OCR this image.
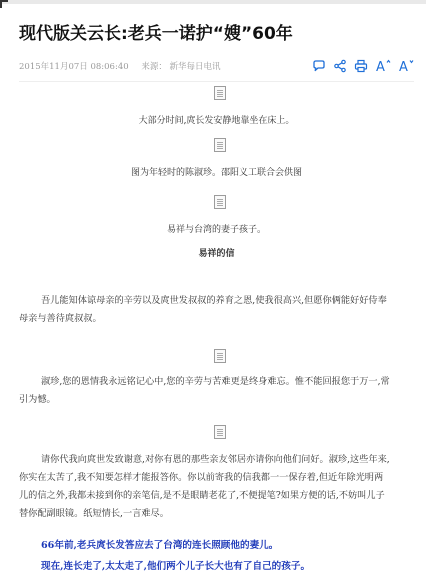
现代版关云长:老兵一诺护“嫂”60年
2015年11月07日 08:06:40 来源： 新华每日电讯	A A
大部分时间,庹长发安静地靠坐在床上。
图为年轻时的陈淑珍。邵阳义工联合会供图
易祥与台湾的妻子孩子。
易祥的信
吾儿能知体谅母亲的辛劳以及庹世发叔叔的养育之恩,使我很高兴,但愿你俩能好好侍奉
母亲与善待庹叔叔。
淑珍,您的恩情我永远铭记心中,您的辛劳与苦难更是终身难忘。惟不能回报您于万一,常
引为憾。
请你代我向庹世发致谢意,对你有恩的那些亲友邻居亦请你向他们问好。淑珍,这些年来,
你实在太苦了,我不知要怎样才能报答你。你以前寄我的信我都一一保存着,但近年除光明两
儿的信之外,我都未接到你的亲笔信,是不是眼睛老花了,不便提笔?如果方便的话,不妨叫儿子
替你配副眼镜。纸短情长,一言难尽。
66年前,老兵庹长发答应去了台湾的连长照顾他的妻儿。
现在,连长走了,太太走了,他们两个儿子长大也有了自己的孩子。
